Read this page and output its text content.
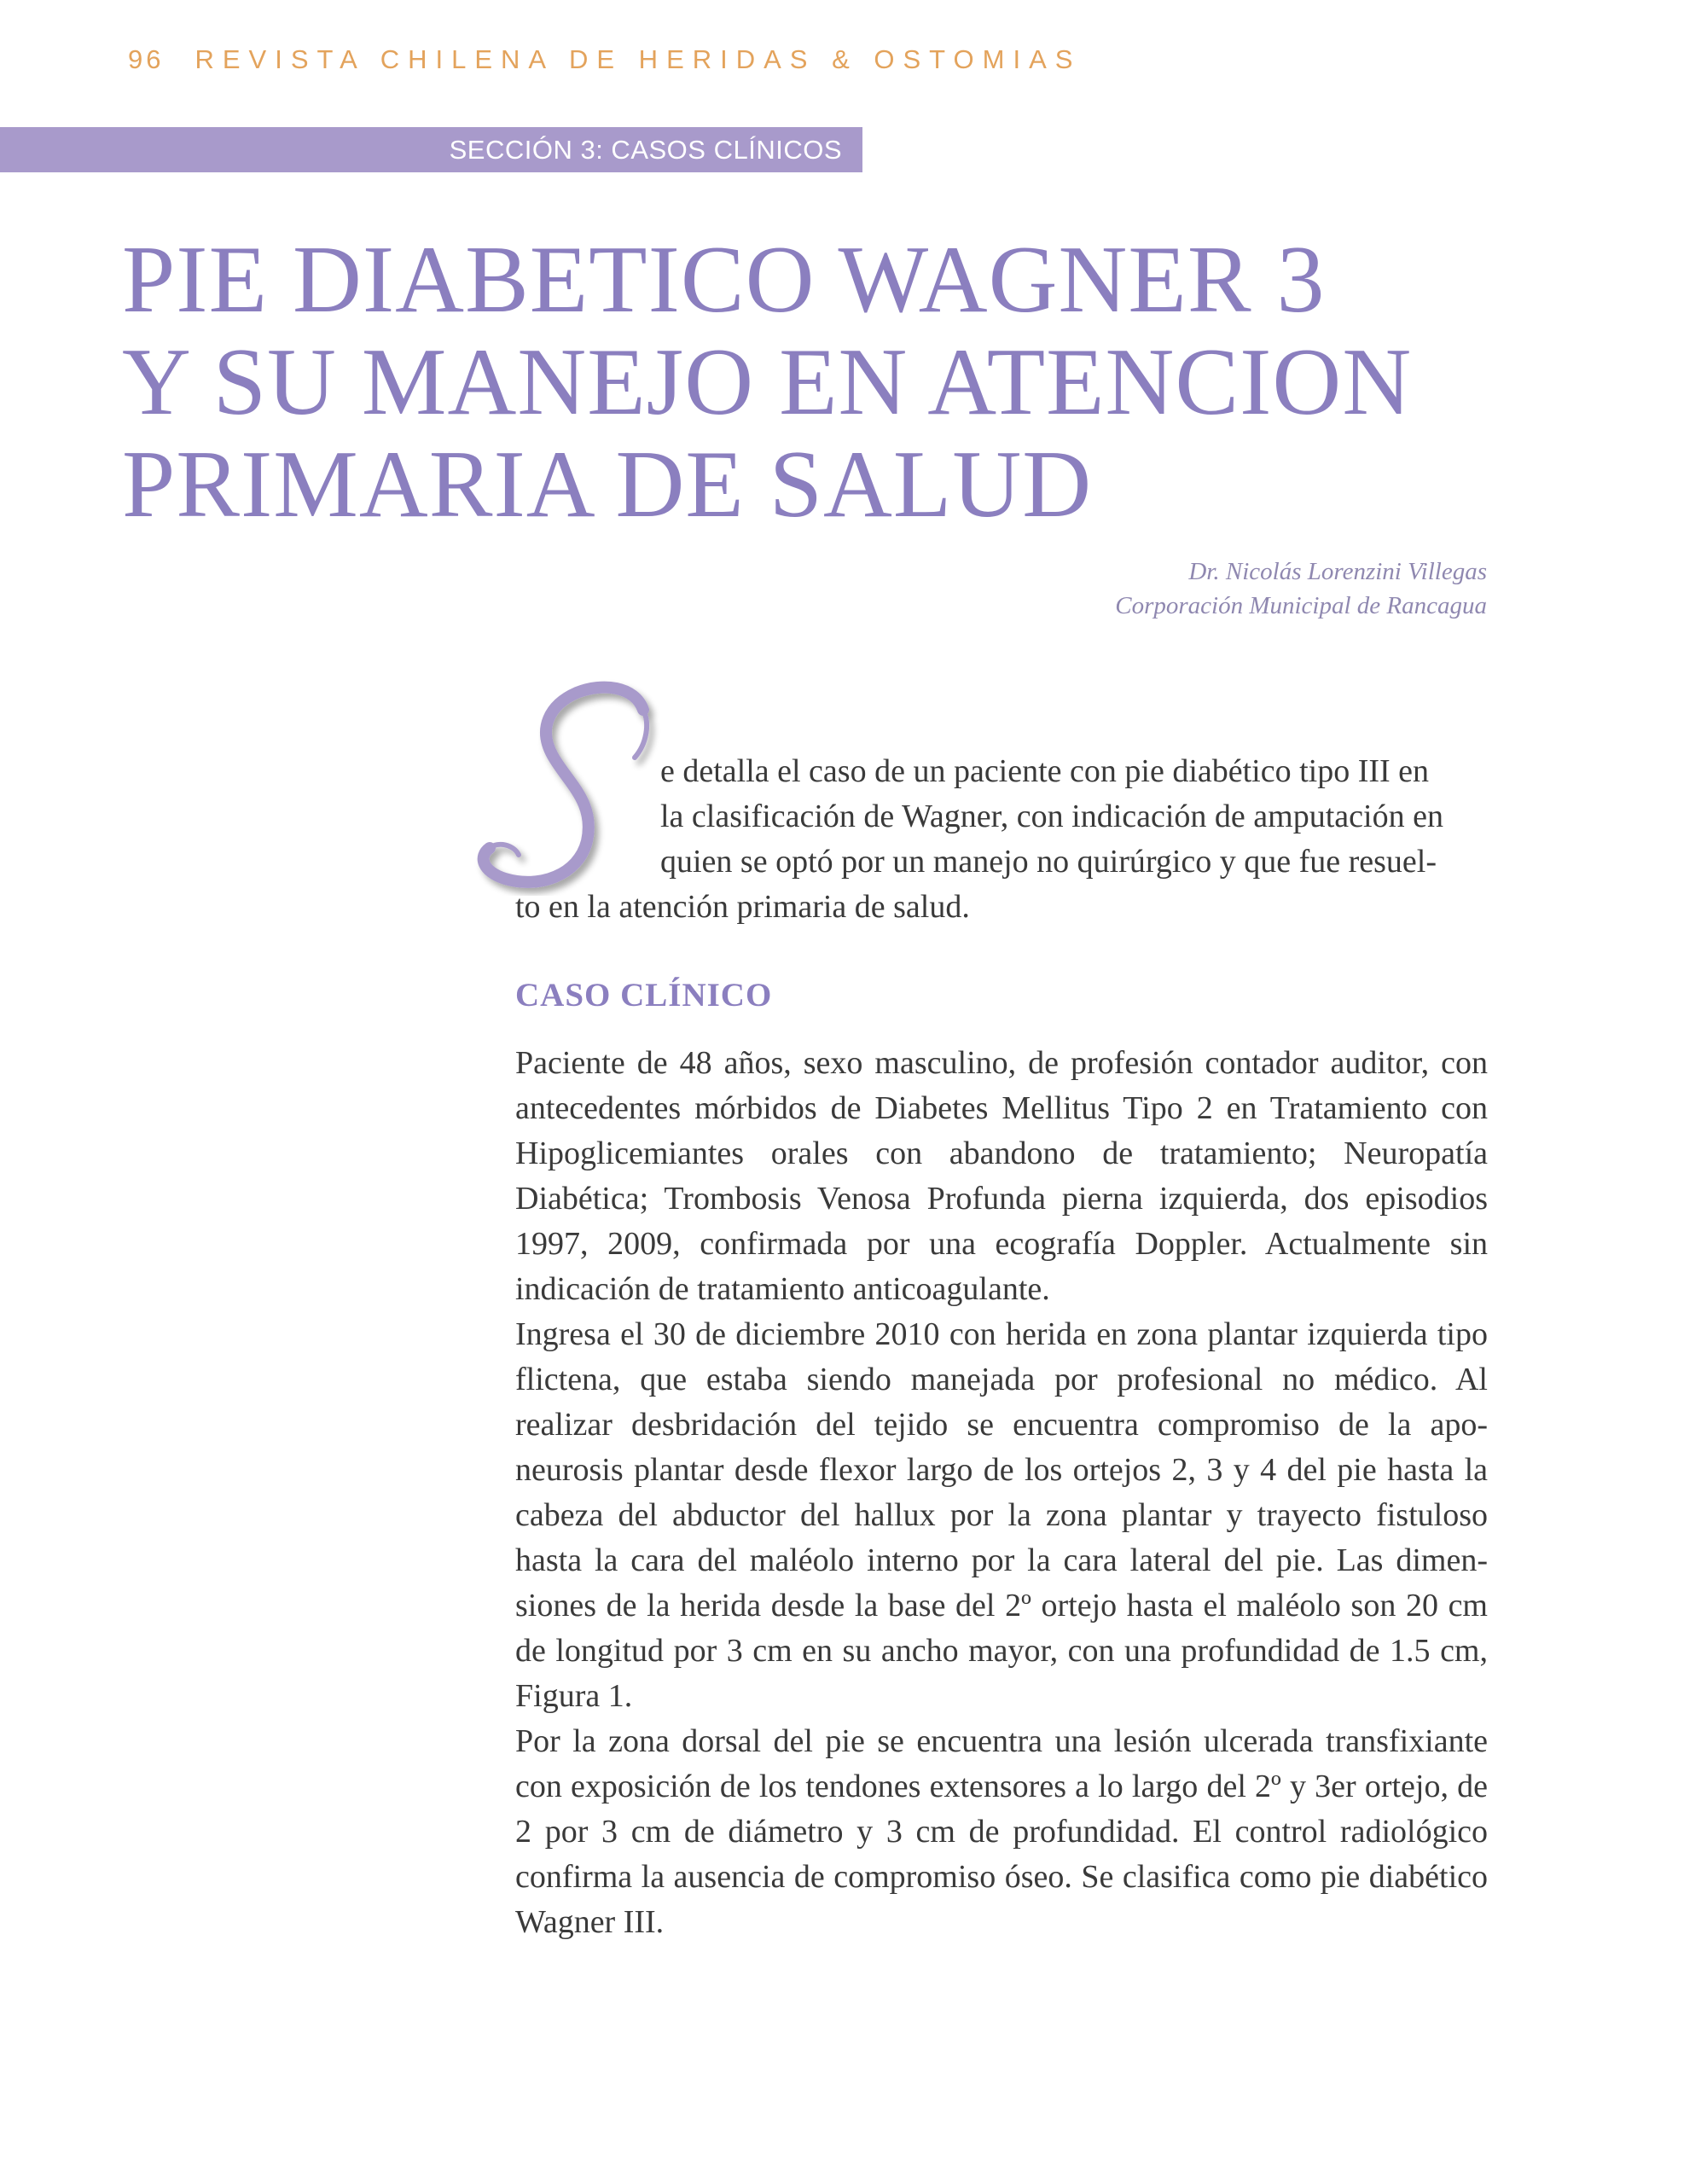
96 REVISTA CHILENA DE HERIDAS & OSTOMIAS
SECCIÓN 3: CASOS CLÍNICOS
PIE DIABETICO WAGNER 3
Y SU MANEJO EN ATENCION
PRIMARIA DE SALUD
Dr. Nicolás Lorenzini Villegas
Corporación Municipal de Rancagua
e detalla el caso de un paciente con pie diabético tipo III en
la clasificación de Wagner, con indicación de amputación en
quien se optó por un manejo no quirúrgico y que fue resuel-
to en la atención primaria de salud.
CASO CLÍNICO

Paciente de 48 años, sexo masculino, de profesión contador auditor, con antecedentes mórbidos de Diabetes Mellitus Tipo 2 en Tratamiento con Hipoglicemiantes orales con abandono de tratamiento; Neuropatía Diabética; Trombosis Venosa Profunda pierna izquierda, dos episodios 1997, 2009, confirmada por una ecografía Doppler. Actualmente sin indicación de tratamiento anticoagulante.

Ingresa el 30 de diciembre 2010 con herida en zona plantar izquierda tipo flictena, que estaba siendo manejada por profesional no médico. Al realizar desbridación del tejido se encuentra compromiso de la aponeurosis plantar desde flexor largo de los ortejos 2, 3 y 4 del pie hasta la cabeza del abductor del hallux por la zona plantar y trayecto fistuloso hasta la cara del maléolo interno por la cara lateral del pie. Las dimensiones de la herida desde la base del 2º ortejo hasta el maléolo son 20 cm de longitud por 3 cm en su ancho mayor, con una profundidad de 1.5 cm, Figura 1.

Por la zona dorsal del pie se encuentra una lesión ulcerada transfixiante con exposición de los tendones extensores a lo largo del 2º y 3er ortejo, de 2 por 3 cm de diámetro y 3 cm de profundidad. El control radiológico confirma la ausencia de compromiso óseo. Se clasifica como pie diabético Wagner III.
